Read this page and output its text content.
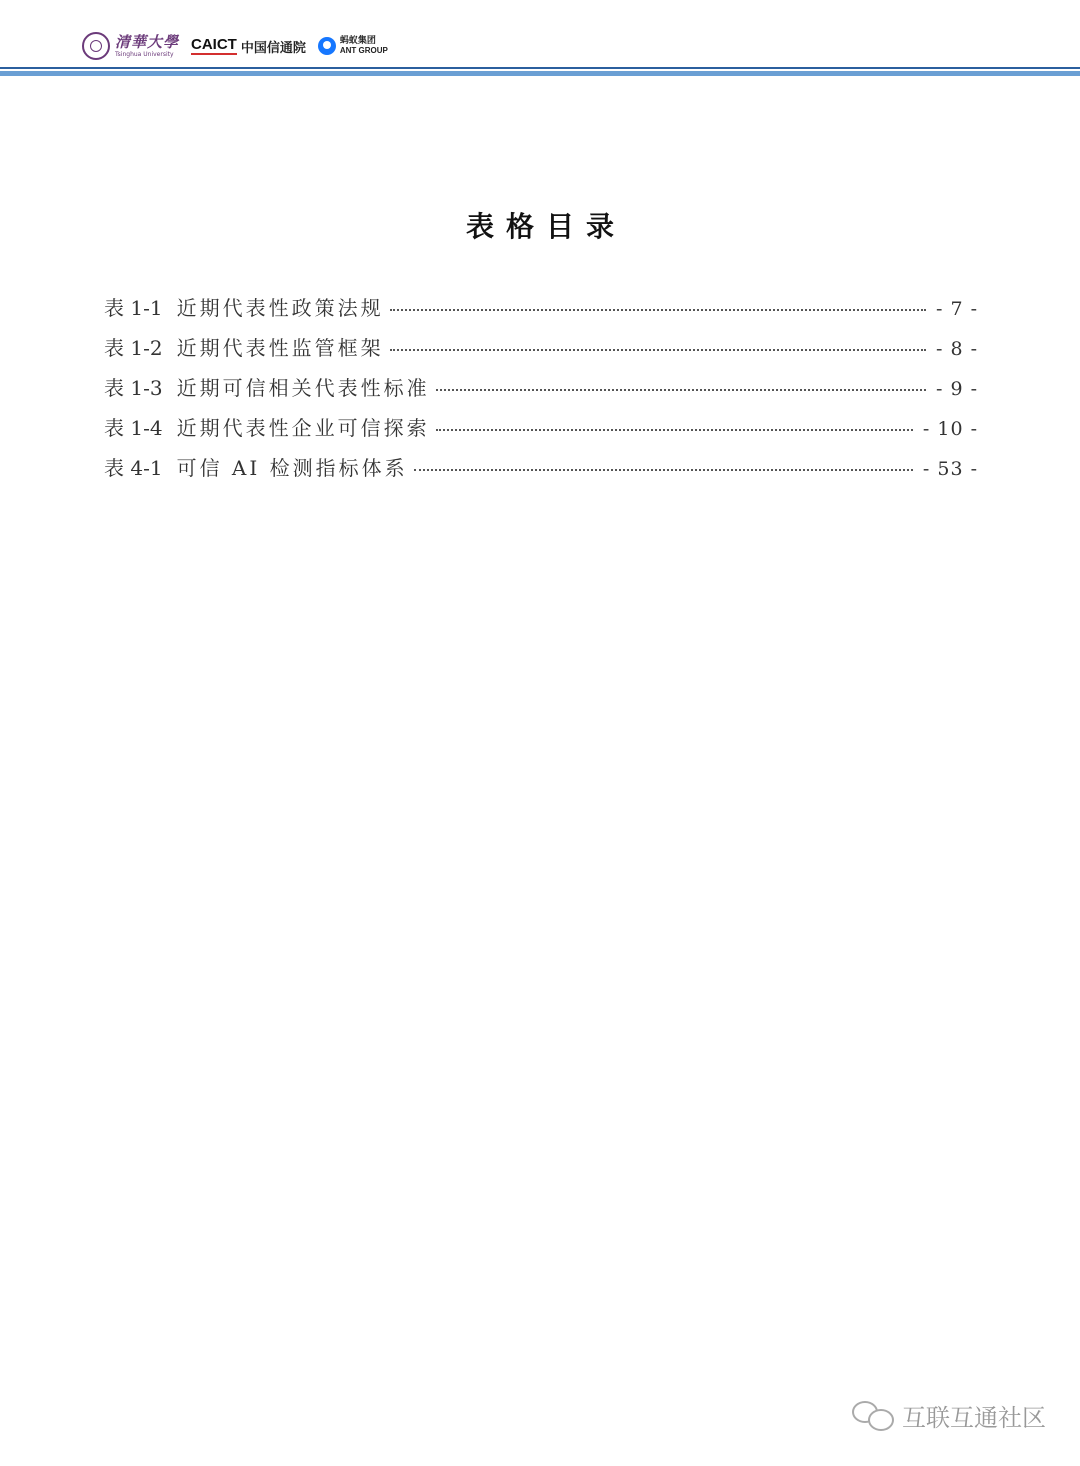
清華大學
Tsinghua University
CAICT 中国信通院	蚂蚁集团
ANT GROUP
表格目录
表 1-1 近期代表性政策法规	- 7 -
表 1-2 近期代表性监管框架	- 8 -
表 1-3 近期可信相关代表性标准	- 9 -
表 1-4 近期代表性企业可信探索	- 10 -
表 4-1 可信 AI 检测指标体系	- 53 -
互联互通社区
